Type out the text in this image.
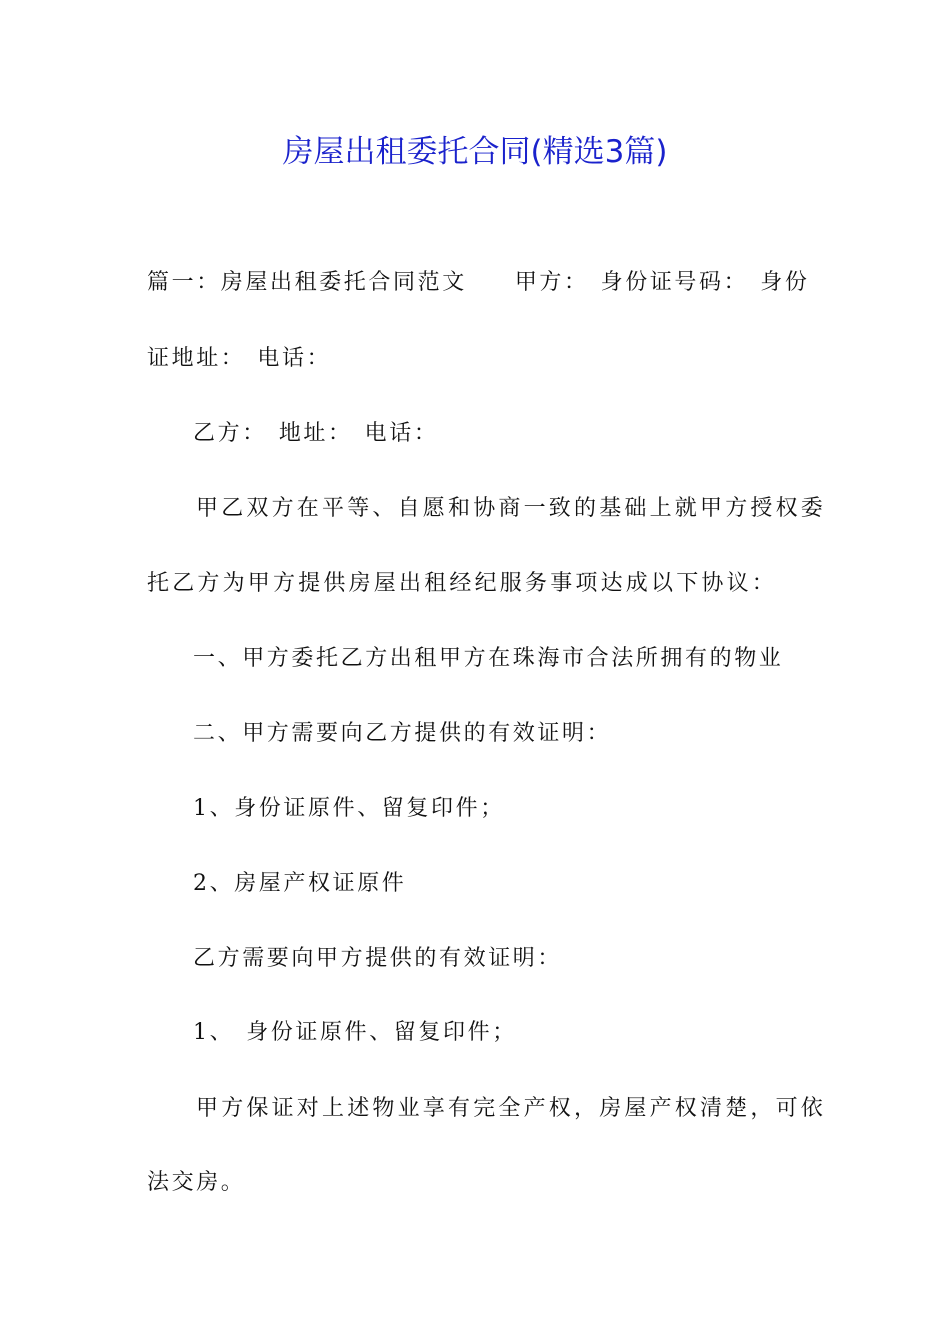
房屋出租委托合同(精选3篇)
篇一：房屋出租委托合同范文 甲方： 身份证号码： 身份
证地址： 电话：
乙方： 地址： 电话：
甲乙双方在平等、自愿和协商一致的基础上就甲方授权委
托乙方为甲方提供房屋出租经纪服务事项达成以下协议：
一、甲方委托乙方出租甲方在珠海市合法所拥有的物业
二、甲方需要向乙方提供的有效证明：
1、身份证原件、留复印件；
2、房屋产权证原件
乙方需要向甲方提供的有效证明：
1、 身份证原件、留复印件；
甲方保证对上述物业享有完全产权，房屋产权清楚，可依
法交房。
